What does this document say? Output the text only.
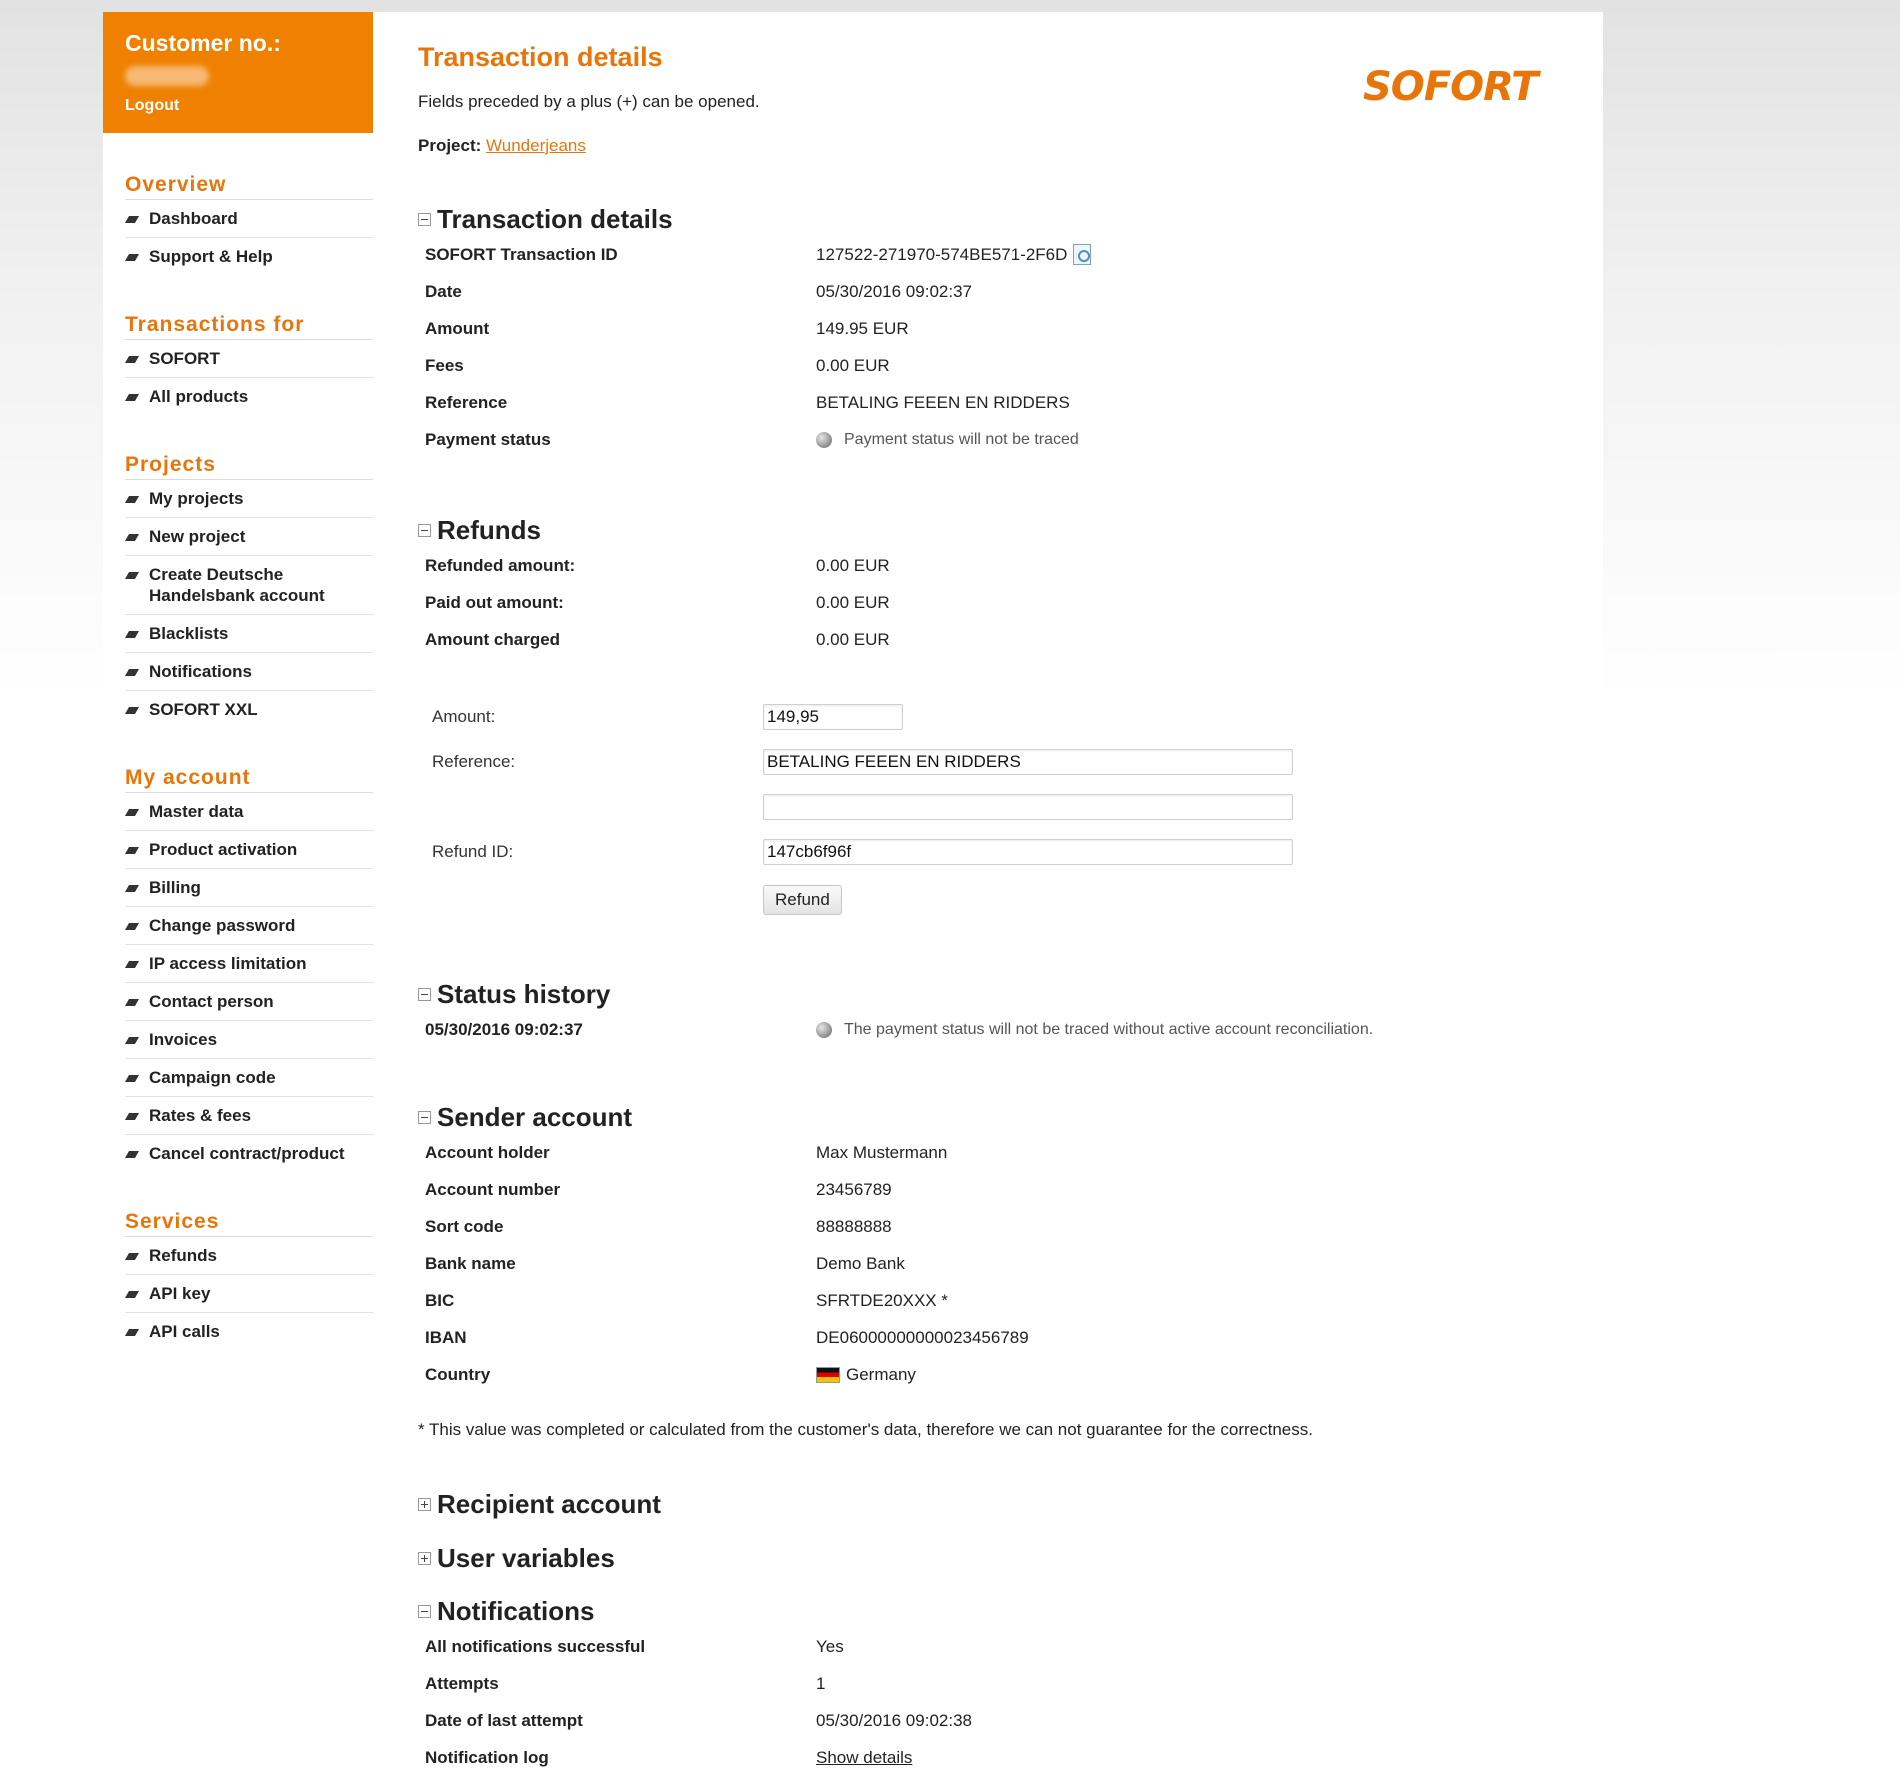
Customer no.:
Logout
Overview
Dashboard
Support & Help
Transactions for
SOFORT
All products
Projects
My projects
New project
Create Deutsche Handelsbank account
Blacklists
Notifications
SOFORT XXL
My account
Master data
Product activation
Billing
Change password
IP access limitation
Contact person
Invoices
Campaign code
Rates & fees
Cancel contract/product
Services
Refunds
API key
API calls
Transaction details
Fields preceded by a plus (+) can be opened.
Project: Wunderjeans
SOFORT
Transaction details
SOFORT Transaction ID	127522-271970-574BE571-2F6D
Date	05/30/2016 09:02:37
Amount	149.95 EUR
Fees	0.00 EUR
Reference	BETALING FEEEN EN RIDDERS
Payment status	Payment status will not be traced
Refunds
Refunded amount:	0.00 EUR
Paid out amount:	0.00 EUR
Amount charged	0.00 EUR
Amount:
149,95
Reference:
BETALING FEEEN EN RIDDERS
Refund ID:
147cb6f96f
Refund
Status history
05/30/2016 09:02:37	The payment status will not be traced without active account reconciliation.
Sender account
Account holder	Max Mustermann
Account number	23456789
Sort code	88888888
Bank name	Demo Bank
BIC	SFRTDE20XXX *
IBAN	DE06000000000023456789
Country	Germany
* This value was completed or calculated from the customer's data, therefore we can not guarantee for the correctness.
Recipient account
User variables
Notifications
All notifications successful	Yes
Attempts	1
Date of last attempt	05/30/2016 09:02:38
Notification log	Show details
